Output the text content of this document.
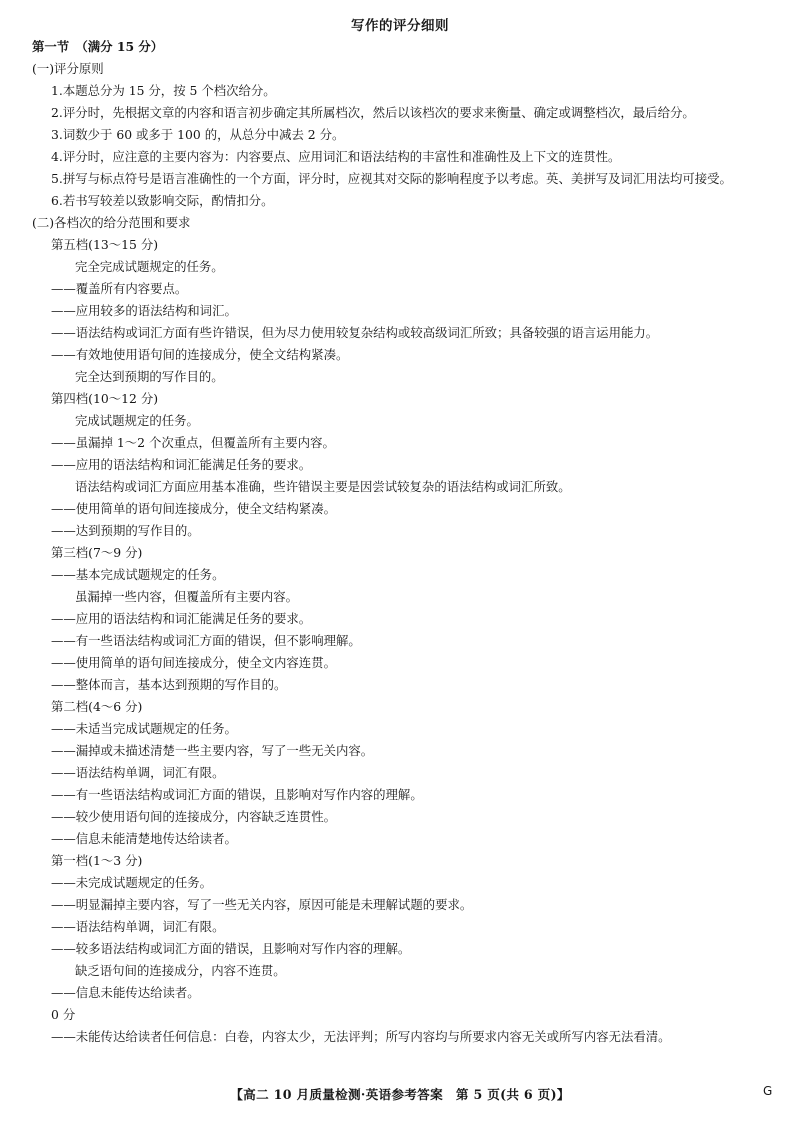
写作的评分细则
第一节　（满分 15 分）
(一)评分原则
1.本题总分为 15 分，按 5 个档次给分。
2.评分时，先根据文章的内容和语言初步确定其所属档次，然后以该档次的要求来衡量、确定或调整档次，最后给分。
3.词数少于 60 或多于 100 的，从总分中减去 2 分。
4.评分时，应注意的主要内容为：内容要点、应用词汇和语法结构的丰富性和准确性及上下文的连贯性。
5.拼写与标点符号是语言准确性的一个方面，评分时，应视其对交际的影响程度予以考虑。英、美拼写及词汇用法均可接受。
6.若书写较差以致影响交际，酌情扣分。
(二)各档次的给分范围和要求
第五档(13～15 分)
完全完成试题规定的任务。
——覆盖所有内容要点。
——应用较多的语法结构和词汇。
——语法结构或词汇方面有些许错误，但为尽力使用较复杂结构或较高级词汇所致；具备较强的语言运用能力。
——有效地使用语句间的连接成分，使全文结构紧凑。
完全达到预期的写作目的。
第四档(10～12 分)
完成试题规定的任务。
——虽漏掉 1～2 个次重点，但覆盖所有主要内容。
——应用的语法结构和词汇能满足任务的要求。
语法结构或词汇方面应用基本准确，些许错误主要是因尝试较复杂的语法结构或词汇所致。
——使用简单的语句间连接成分，使全文结构紧凑。
——达到预期的写作目的。
第三档(7～9 分)
——基本完成试题规定的任务。
虽漏掉一些内容，但覆盖所有主要内容。
——应用的语法结构和词汇能满足任务的要求。
——有一些语法结构或词汇方面的错误，但不影响理解。
——使用简单的语句间连接成分，使全文内容连贯。
——整体而言，基本达到预期的写作目的。
第二档(4～6 分)
——未适当完成试题规定的任务。
——漏掉或未描述清楚一些主要内容，写了一些无关内容。
——语法结构单调，词汇有限。
——有一些语法结构或词汇方面的错误，且影响对写作内容的理解。
——较少使用语句间的连接成分，内容缺乏连贯性。
——信息未能清楚地传达给读者。
第一档(1～3 分)
——未完成试题规定的任务。
——明显漏掉主要内容，写了一些无关内容，原因可能是未理解试题的要求。
——语法结构单调，词汇有限。
——较多语法结构或词汇方面的错误，且影响对写作内容的理解。
缺乏语句间的连接成分，内容不连贯。
——信息未能传达给读者。
0 分
——未能传达给读者任何信息：白卷，内容太少，无法评判；所写内容均与所要求内容无关或所写内容无法看清。
【高二 10 月质量检测·英语参考答案　第 5 页(共 6 页)】	G
